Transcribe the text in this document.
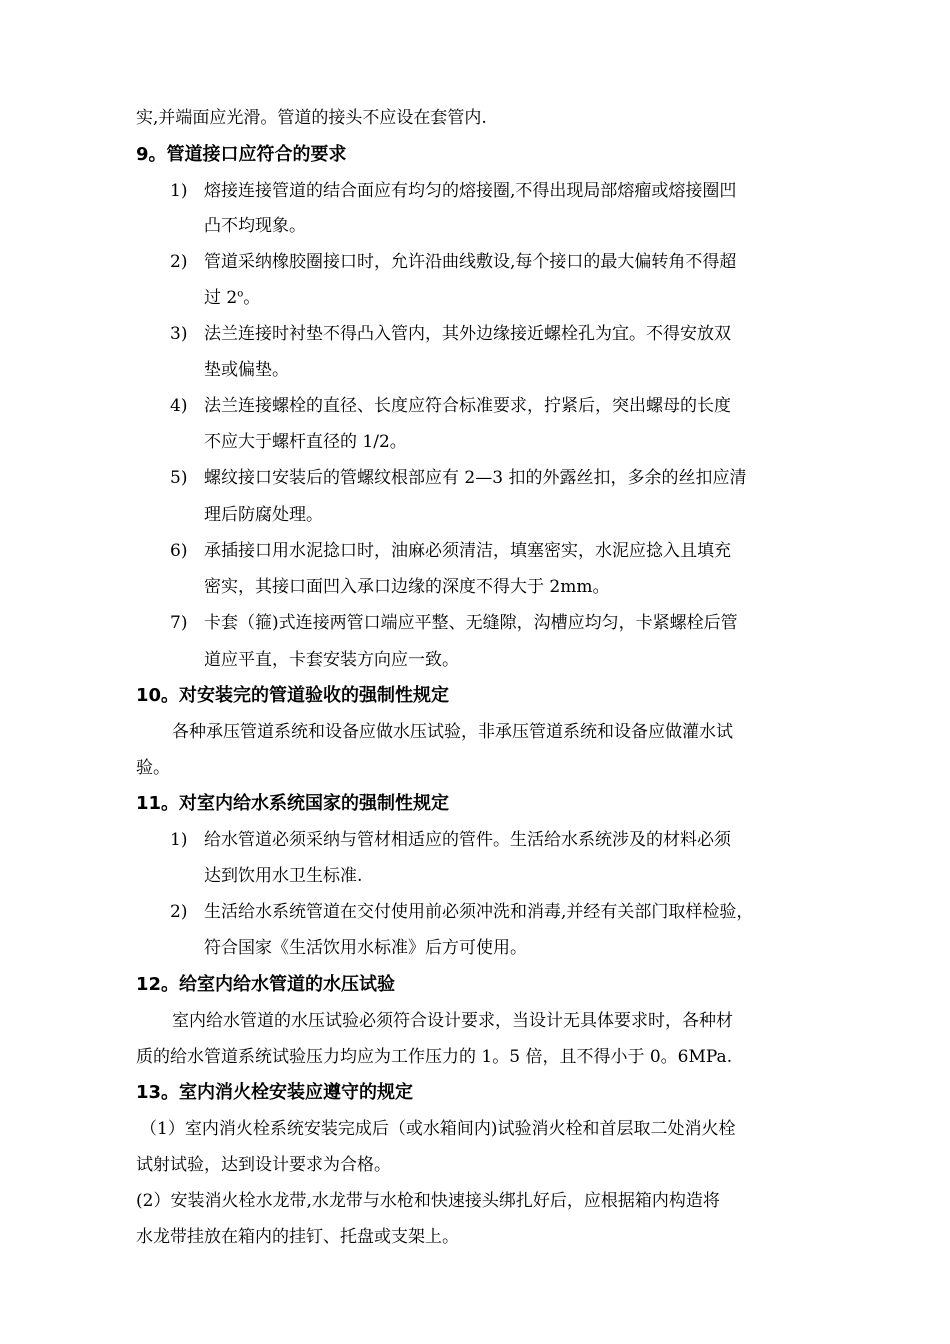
实,并端面应光滑。管道的接头不应设在套管内.
9。管道接口应符合的要求
1) 熔接连接管道的结合面应有均匀的熔接圈,不得出现局部熔瘤或熔接圈凹
凸不均现象。
2) 管道采纳橡胶圈接口时，允许沿曲线敷设,每个接口的最大偏转角不得超
过 2$^o$。
3) 法兰连接时衬垫不得凸入管内，其外边缘接近螺栓孔为宜。不得安放双
垫或偏垫。
4) 法兰连接螺栓的直径、长度应符合标准要求，拧紧后，突出螺母的长度
不应大于螺杆直径的 1/2。
5) 螺纹接口安装后的管螺纹根部应有 2—3 扣的外露丝扣，多余的丝扣应清
理后防腐处理。
6) 承插接口用水泥捻口时，油麻必须清洁，填塞密实，水泥应捻入且填充
密实，其接口面凹入承口边缘的深度不得大于 2mm。
7) 卡套（箍)式连接两管口端应平整、无缝隙，沟槽应均匀，卡紧螺栓后管
道应平直，卡套安装方向应一致。
10。对安装完的管道验收的强制性规定
各种承压管道系统和设备应做水压试验，非承压管道系统和设备应做灌水试
验。
11。对室内给水系统国家的强制性规定
1) 给水管道必须采纳与管材相适应的管件。生活给水系统涉及的材料必须
达到饮用水卫生标准.
2) 生活给水系统管道在交付使用前必须冲洗和消毒,并经有关部门取样检验，
符合国家《生活饮用水标准》后方可使用。
12。给室内给水管道的水压试验
室内给水管道的水压试验必须符合设计要求，当设计无具体要求时，各种材
质的给水管道系统试验压力均应为工作压力的 1。5 倍，且不得小于 0。6MPa.
13。室内消火栓安装应遵守的规定
（1）室内消火栓系统安装完成后（或水箱间内)试验消火栓和首层取二处消火栓
试射试验，达到设计要求为合格。
(2）安装消火栓水龙带,水龙带与水枪和快速接头绑扎好后，应根据箱内构造将
水龙带挂放在箱内的挂钉、托盘或支架上。
